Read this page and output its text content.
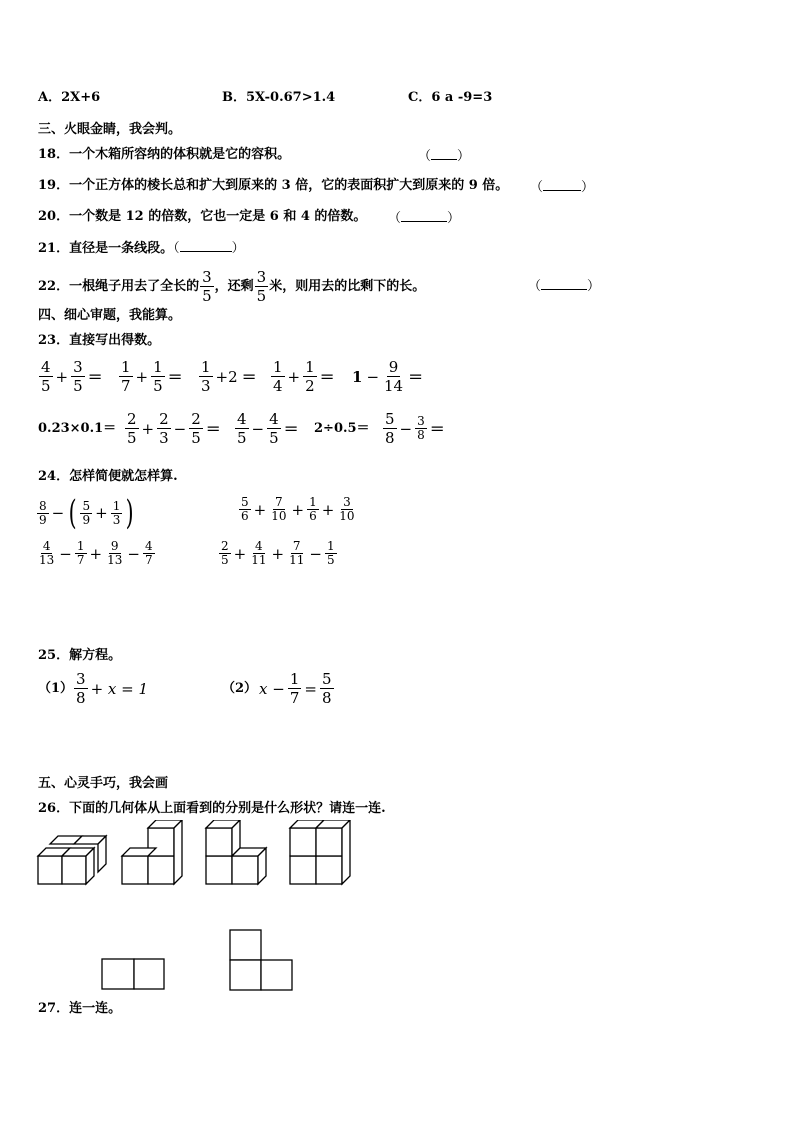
A．2X+6	B．5X-0.67>1.4	C．6 a -9=3
三、火眼金睛，我会判。
18．一个木箱所容纳的体积就是它的容积。	（ ）
19．一个正方体的棱长总和扩大到原来的 3 倍，它的表面积扩大到原来的 9 倍。 （	）
20．一个数是 12 的倍数，它也一定是 6 和 4 的倍数。 （	）
21．直径是一条线段。（	）
22．一根绳子用去了全长的 3
5
，还剩 3
5
米，则用去的比剩下的长。	（	）
四、细心审题，我能算。
23．直接写出得数。
4
5
+ $\frac{3}{5}$ ＝
1
7
+ $\frac{1}{5}$ ＝
1
3
+2 ＝
1
4
+ $\frac{1}{2} = 1 - \frac{9}{14}$ ＝
0.23×0.1＝
2
5
+ $\frac{2}{3} - \frac{2}{5}$ ＝
4
5
− $\frac{4}{5} = 2\div 0.5=$
5
8
− $\frac{3}{8}$ ＝
24．怎样简便就怎样算.
8
9 − ( 5
$9 + \frac{1}{3}$ )	5
$6 + \frac{7}{10} + \frac{1}{6} + \frac{3}{10}$
4
$13 - \frac{1}{7} + \frac{9}{13} - \frac{4}{7}$	2
$5 + \frac{4}{11} + \frac{7}{11} - \frac{1}{5}$
25．解方程。
（1） 3
8
+ x = 1	（2） $x - \frac{1}{7} = \frac{5}{8}$
五、心灵手巧，我会画
26．下面的几何体从上面看到的分别是什么形状？请连一连.
27．连一连。
